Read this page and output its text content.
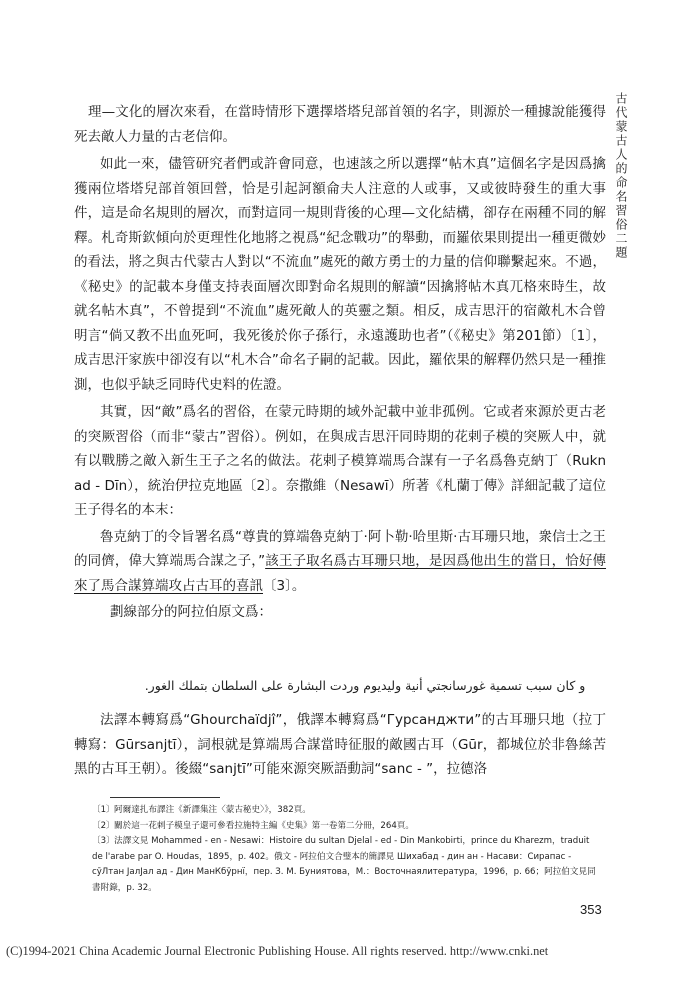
古代蒙古人的命名習俗二題

理—文化的層次來看，在當時情形下選擇塔塔兒部首領的名字，則源於一種據說能獲得死去敵人力量的古老信仰。

如此一來，儘管研究者們或許會同意，也速該之所以選擇“帖木真”這個名字是因爲擒獲兩位塔塔兒部首領回營，恰是引起訶額侖夫人注意的人或事，又或彼時發生的重大事件，這是命名規則的層次，而對這同一規則背後的心理—文化結構，卻存在兩種不同的解釋。札奇斯欽傾向於更理性化地將之視爲“紀念戰功”的舉動，而羅依果則提出一種更微妙的看法，將之與古代蒙古人對以“不流血”處死的敵方勇士的力量的信仰聯繫起來。不過，《秘史》的記載本身僅支持表面層次即對命名規則的解讀“因擒將帖木真兀格來時生，故就名帖木真”，不曾提到“不流血”處死敵人的英靈之類。相反，成吉思汗的宿敵札木合曾明言“倘又教不出血死呵，我死後於你子孫行，永遠護助也者”（《秘史》第201節）〔1〕，成吉思汗家族中卻沒有以“札木合”命名子嗣的記載。因此，羅依果的解釋仍然只是一種推測，也似乎缺乏同時代史料的佐證。

其實，因“敵”爲名的習俗，在蒙元時期的域外記載中並非孤例。它或者來源於更古老的突厥習俗（而非“蒙古”習俗）。例如，在與成吉思汗同時期的花剌子模的突厥人中，就有以戰勝之敵入新生王子之名的做法。花剌子模算端馬合謀有一子名爲魯克納丁（Rukn ad - Dīn），統治伊拉克地區〔2〕。奈撒維（Nesawī）所著《札蘭丁傳》詳細記載了這位王子得名的本末：

魯克納丁的令旨署名爲“尊貴的算端魯克納丁·阿卜勒·哈里斯·古耳珊只地，衆信士之王的同儕，偉大算端馬合謀之子，”該王子取名爲古耳珊只地，是因爲他出生的當日，恰好傳來了馬合謀算端攻占古耳的喜訊〔3〕。

劃線部分的阿拉伯原文爲：

و كان سبب تسمية غورسانجتي أنية وليديوم وردت البشارة على السلطان بتملك الغور.

法譯本轉寫爲“Ghourchaïdjî”，俄譯本轉寫爲“Гурсанджти”的古耳珊只地（拉丁轉寫：Gūrsanjtī），詞根就是算端馬合謀當時征服的敵國古耳（Gūr，都城位於非魯絲苦黑的古耳王朝）。後綴“sanjtī”可能來源突厥語動詞“sanc - ”，拉德洛

〔1〕阿爾達扎布譯注《新譯集注〈蒙古秘史〉》，382頁。

〔2〕關於這一花剌子模皇子還可參看拉施特主編《史集》第一卷第二分冊，264頁。

〔3〕法譯文見 Mohammed - en - Nesawi：Histoire du sultan Djelal - ed - Din Mankobirti，prince du Kharezm，traduit de l'arabe par O. Houdas，1895，p. 402。俄文 - 阿拉伯文合璧本的簡譯見 Шихабад - дин ан - Насави：Сирапас - сӯЛтан ЈалЈал ад - Дин МанКбӯрнї，пер. З. М. Буниятова，М.：Восточнаялитература，1996，p. 66；阿拉伯文見同書附錄，p. 32。

353
(C)1994-2021 China Academic Journal Electronic Publishing House. All rights reserved. http://www.cnki.net
